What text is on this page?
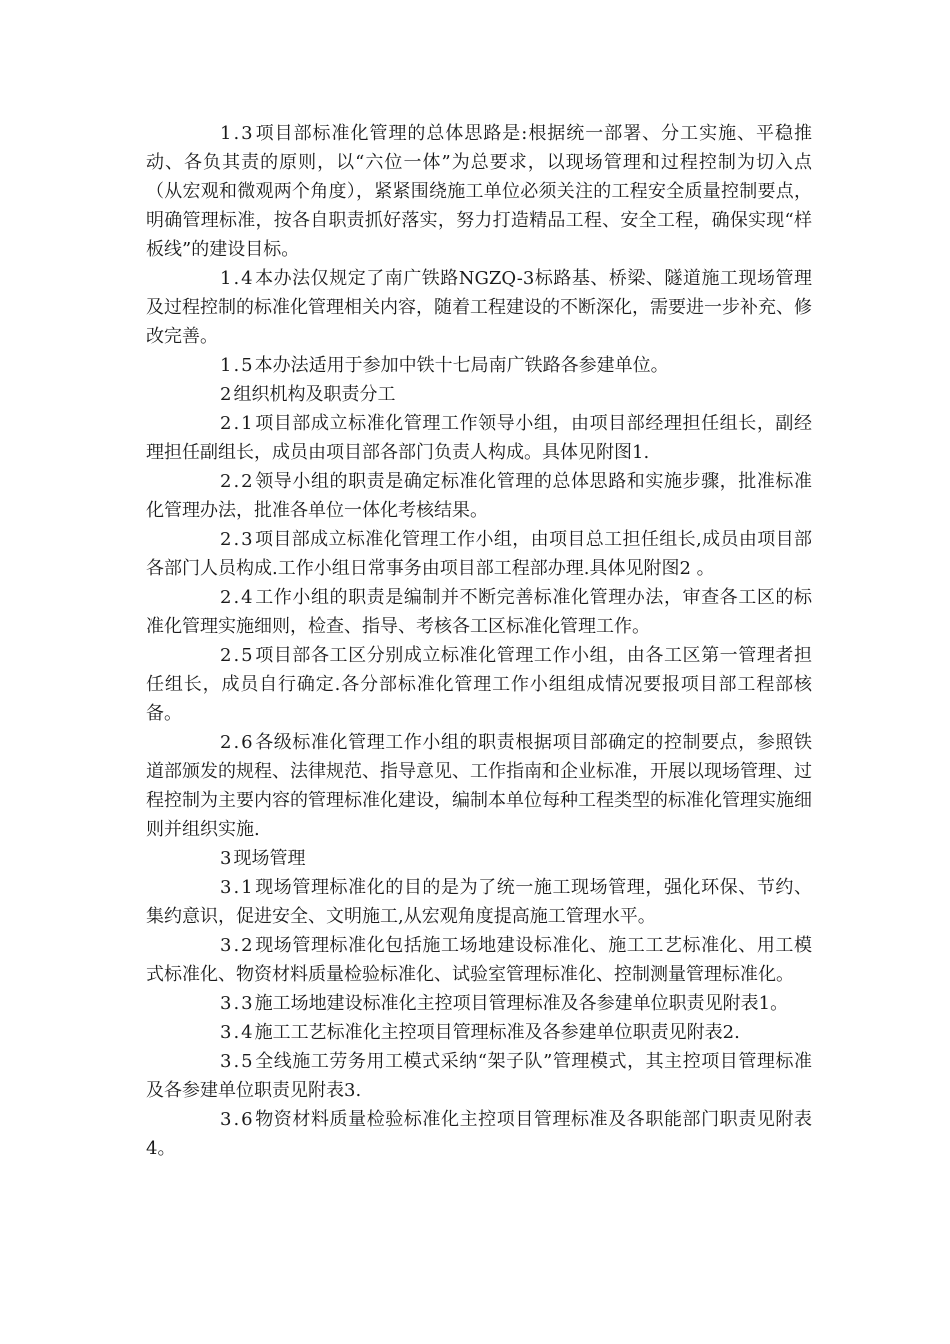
1.3项目部标准化管理的总体思路是:根据统一部署、分工实施、平稳推动、各负其责的原则，以“六位一体”为总要求，以现场管理和过程控制为切入点（从宏观和微观两个角度），紧紧围绕施工单位必须关注的工程安全质量控制要点，明确管理标准，按各自职责抓好落实，努力打造精品工程、安全工程，确保实现“样板线”的建设目标。

1.4本办法仅规定了南广铁路NGZQ-3标路基、桥梁、隧道施工现场管理及过程控制的标准化管理相关内容，随着工程建设的不断深化，需要进一步补充、修改完善。

1.5本办法适用于参加中铁十七局南广铁路各参建单位。

2组织机构及职责分工

2.1项目部成立标准化管理工作领导小组，由项目部经理担任组长，副经理担任副组长，成员由项目部各部门负责人构成。具体见附图1.

2.2领导小组的职责是确定标准化管理的总体思路和实施步骤，批准标准化管理办法，批准各单位一体化考核结果。

2.3项目部成立标准化管理工作小组，由项目总工担任组长,成员由项目部各部门人员构成.工作小组日常事务由项目部工程部办理.具体见附图2 。

2.4工作小组的职责是编制并不断完善标准化管理办法，审查各工区的标准化管理实施细则，检查、指导、考核各工区标准化管理工作。

2.5项目部各工区分别成立标准化管理工作小组，由各工区第一管理者担任组长，成员自行确定.各分部标准化管理工作小组组成情况要报项目部工程部核备。

2.6各级标准化管理工作小组的职责根据项目部确定的控制要点，参照铁道部颁发的规程、法律规范、指导意见、工作指南和企业标准，开展以现场管理、过程控制为主要内容的管理标准化建设，编制本单位每种工程类型的标准化管理实施细则并组织实施.

3现场管理

3.1现场管理标准化的目的是为了统一施工现场管理，强化环保、节约、集约意识，促进安全、文明施工,从宏观角度提高施工管理水平。

3.2现场管理标准化包括施工场地建设标准化、施工工艺标准化、用工模式标准化、物资材料质量检验标准化、试验室管理标准化、控制测量管理标准化。

3.3施工场地建设标准化主控项目管理标准及各参建单位职责见附表1。

3.4施工工艺标准化主控项目管理标准及各参建单位职责见附表2.

3.5全线施工劳务用工模式采纳“架子队”管理模式，其主控项目管理标准及各参建单位职责见附表3.

3.6物资材料质量检验标准化主控项目管理标准及各职能部门职责见附表4。
